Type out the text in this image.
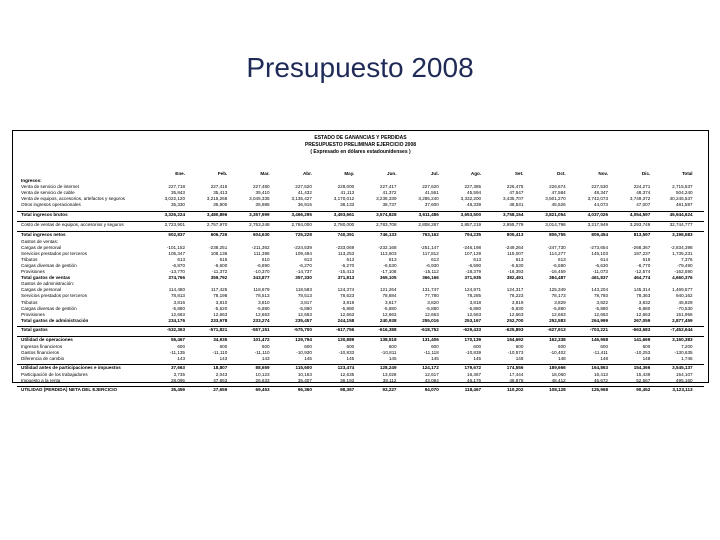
Presupuesto 2008
ESTADO DE GANANCIAS Y PERDIDAS
PRESUPUESTO PRELIMINAR EJERCICIO 2008
( Expresado en dólares estadounidenses )
Ene.	Feb.	Mar.	Abr.	May.	Jun.	Jul.	Ago.	Set.	Oct.	Nov.	Dic.	Total
Ingresos:
Venta de servicio de internet	227,718	227,415	227,480	227,520	228,000	227,417	227,620	227,385	226,475	226,674	227,530	224,271	2,715,537
Venta de servicio de cable	35,843	35,413	35,410	41,432	41,113	41,372	41,561	45,594	47,547	47,584	48,347	48,374	504,240
Venta de equipos, accesorios, artefactos y seguros	3,022,120	3,215,268	3,045,335	3,135,427	3,170,012	3,238,339	3,285,240	3,332,200	3,435,707	3,501,270	3,742,073	3,749,372	40,245,537
Otros ingresos operacionales	35,330	35,800	35,985	36,915	38,133	38,737	37,600	48,339	48,531	45,526	44,073	47,007	481,597
Total ingresos brutos	3,326,224	3,480,896	3,357,999	3,466,295	3,493,661	3,574,828	3,611,486	3,653,500	3,758,154	3,821,054	4,037,026	4,054,597	45,944,624
Costo de ventas de equipos, accesorios y seguros	2,723,901	2,757,970	2,753,248	2,784,000	2,780,000	2,783,708	2,808,287	2,857,219	2,955,779	3,014,796	3,217,949	3,293,749	32,744,777
Total ingresos netos	602,837	606,726	604,630	725,228	740,391	746,133	763,162	794,235	805,413	806,755	809,454	813,597	3,196,583
Gastos de ventas:
Cargas de personal	-101,152	-238,251	-211,362	-224,539	-233,069	-232,168	-251,147	-246,198	-249,264	-247,730	-273,654	-268,367	-2,834,398
Servicios prestados por terceros	105,347	108,136	111,396	109,494	113,253	113,603	117,812	107,129	115,007	114,277	145,103	197,237	1,735,231
Tributos	613	615	610	613	613	613	613	613	613	613	614	619	7,376
Cargas diversas de gestión	-6,870	-6,600	-6,890	-6,270	-6,270	-6,530	-6,930	-6,590	-6,530	-6,590	-6,630	-6,770	-79,490
Provisiones	-13,770	-11,372	-10,370	-14,737	-15,413	-17,108	-15,112	-18,379	-16,393	-16,459	-11,073	-12,574	-162,590
Total gastos de ventas	374,766	359,792	343,877	357,330	371,813	369,105	366,166	371,935	382,491	384,487	461,837	464,774	4,660,376
Gastos de administración:
Cargas de personal	114,480	117,425	118,679	118,583	124,374	121,264	131,747	124,971	124,317	125,349	143,204	145,314	1,469,577
Servicios prestados por terceros	78,813	78,198	78,513	78,513	78,623	78,884	77,780	78,285	78,223	78,173	78,793	78,363	940,162
Tributos	3,816	3,810	3,810	3,817	3,819	3,617	3,820	3,818	3,819	3,829	3,822	3,832	45,829
Cargas diversas de gestión	-5,880	-5,520	-5,880	-5,890	-5,880	-5,880	-5,880	-5,880	-5,830	-5,880	-5,880	-5,880	-70,530
Provisiones	12,663	12,663	12,663	12,663	12,663	12,663	12,663	12,663	12,663	12,663	12,663	12,663	151,956
Total gastos de administración	234,176	233,978	233,274	235,457	244,158	240,938	255,016	253,167	252,700	252,583	264,999	267,059	2,877,459
Total gastos	-532,363	-571,821	-557,151	-575,700	-617,756	-616,388	-618,752	-629,433	-625,893	-627,913	-703,221	-663,683	-7,452,644
Utilidad de operaciones	55,467	34,935	101,472	129,794	130,889	138,518	131,406	170,139	164,692	162,338	146,958	141,669	3,160,383
Ingresos financieros	600	600	600	600	600	600	600	600	600	600	600	600	7,200
Gastos financieros	-11,135	-11,110	-11,110	-10,930	-10,833	-10,811	-11,118	-10,839	-10,573	-10,402	-11,411	-10,253	-130,635
Diferencia de cambio	143	143	143	145	145	145	145	145	148	148	148	148	1,746
Utilidad antes de participaciones e impuestos	37,663	18,807	88,659	115,600	123,474	128,249	124,172	179,672	174,556	189,666	164,863	154,366	3,545,137
Participación de los trabajadores	3,735	2,043	10,123	10,163	12,635	13,028	12,617	16,367	17,444	18,060	16,413	15,439	154,107
Impuesto a la renta	28,095	47,863	26,633	35,407	38,193	38,112	43,084	46,176	46,878	48,412	46,672	52,567	495,160
UTILIDAD (PERDIDA) NETA DEL EJERCICIO	35,459	27,659	69,453	96,360	98,367	93,227	94,070	118,467	110,202	108,128	125,968	90,452	3,123,113
